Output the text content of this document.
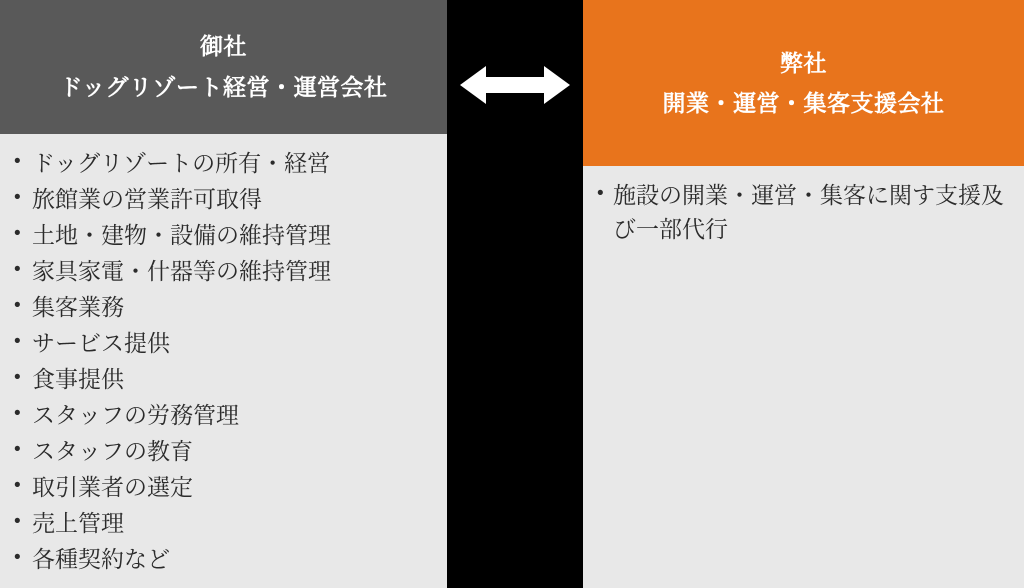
御社
ドッグリゾート経営・運営会社
• ドッグリゾートの所有・経営
• 旅館業の営業許可取得
• 土地・建物・設備の維持管理
• 家具家電・什器等の維持管理
• 集客業務
• サービス提供
• 食事提供
• スタッフの労務管理
• スタッフの教育
• 取引業者の選定
• 売上管理
• 各種契約など
弊社
開業・運営・集客支援会社
• 施設の開業・運営・集客に関す支援及び一部代行
